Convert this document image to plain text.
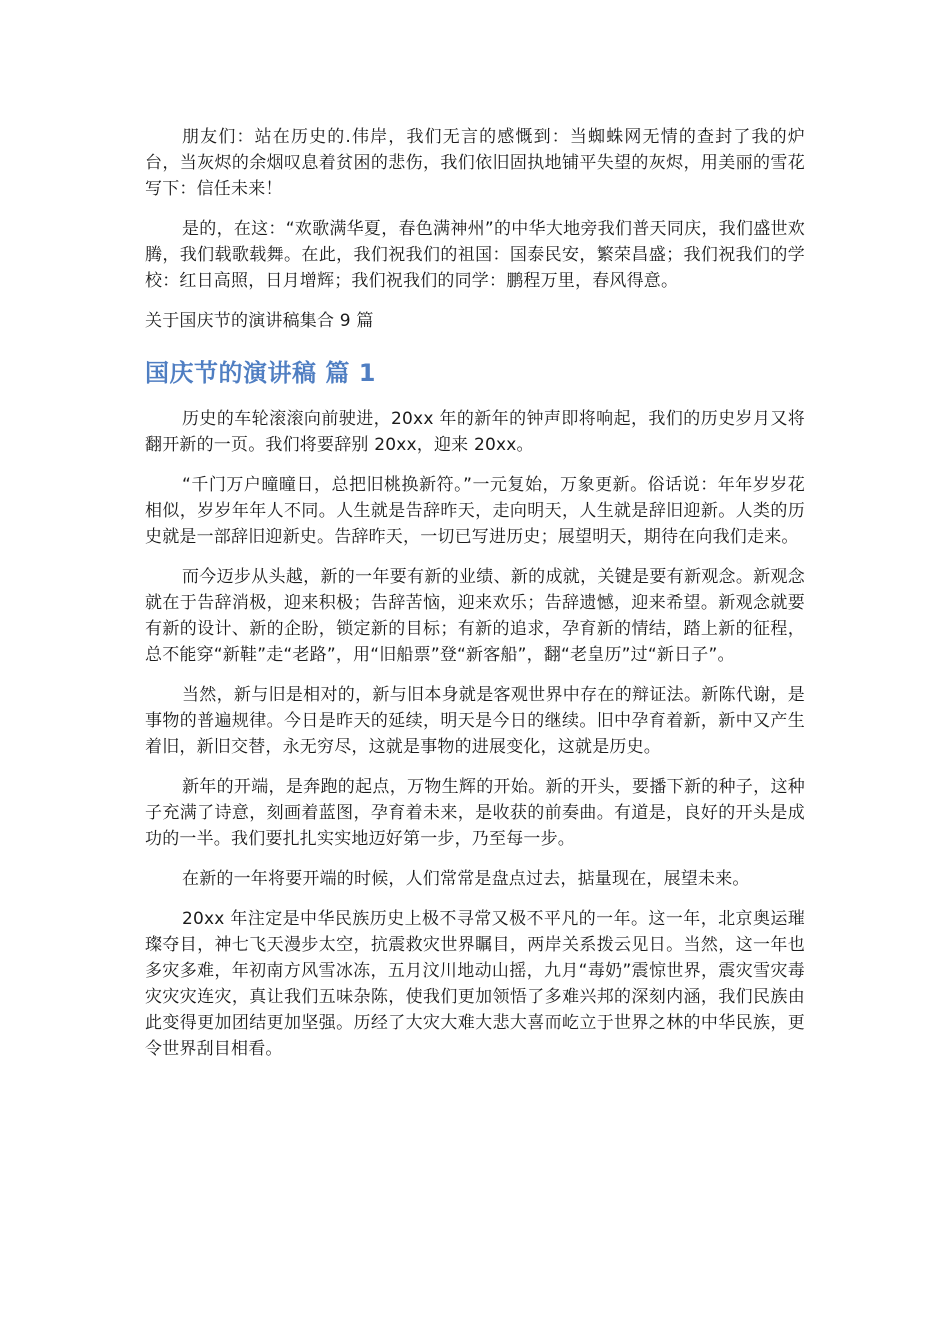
朋友们：站在历史的.伟岸，我们无言的感慨到：当蜘蛛网无情的查封了我的炉台，当灰烬的余烟叹息着贫困的悲伤，我们依旧固执地铺平失望的灰烬，用美丽的雪花写下：信任未来！

是的，在这：“欢歌满华夏，春色满神州”的中华大地旁我们普天同庆，我们盛世欢腾，我们载歌载舞。在此，我们祝我们的祖国：国泰民安，繁荣昌盛；我们祝我们的学校：红日高照，日月增辉；我们祝我们的同学：鹏程万里，春风得意。

关于国庆节的演讲稿集合 9 篇

国庆节的演讲稿 篇 1

历史的车轮滚滚向前驶进，20xx 年的新年的钟声即将响起，我们的历史岁月又将翻开新的一页。我们将要辞别 20xx，迎来 20xx。

“千门万户曈曈日，总把旧桃换新符。”一元复始，万象更新。俗话说：年年岁岁花相似，岁岁年年人不同。人生就是告辞昨天，走向明天，人生就是辞旧迎新。人类的历史就是一部辞旧迎新史。告辞昨天，一切已写进历史；展望明天，期待在向我们走来。

而今迈步从头越，新的一年要有新的业绩、新的成就，关键是要有新观念。新观念就在于告辞消极，迎来积极；告辞苦恼，迎来欢乐；告辞遗憾，迎来希望。新观念就要有新的设计、新的企盼，锁定新的目标；有新的追求，孕育新的情结，踏上新的征程，总不能穿“新鞋”走“老路”，用“旧船票”登“新客船”，翻“老皇历”过“新日子”。

当然，新与旧是相对的，新与旧本身就是客观世界中存在的辩证法。新陈代谢，是事物的普遍规律。今日是昨天的延续，明天是今日的继续。旧中孕育着新，新中又产生着旧，新旧交替，永无穷尽，这就是事物的进展变化，这就是历史。

新年的开端，是奔跑的起点，万物生辉的开始。新的开头，要播下新的种子，这种子充满了诗意，刻画着蓝图，孕育着未来，是收获的前奏曲。有道是，良好的开头是成功的一半。我们要扎扎实实地迈好第一步，乃至每一步。

在新的一年将要开端的时候，人们常常是盘点过去，掂量现在，展望未来。

20xx 年注定是中华民族历史上极不寻常又极不平凡的一年。这一年，北京奥运璀璨夺目，神七飞天漫步太空，抗震救灾世界瞩目，两岸关系拨云见日。当然，这一年也多灾多难，年初南方风雪冰冻，五月汶川地动山摇，九月“毒奶”震惊世界，震灾雪灾毒灾灾灾连灾，真让我们五味杂陈，使我们更加领悟了多难兴邦的深刻内涵，我们民族由此变得更加团结更加坚强。历经了大灾大难大悲大喜而屹立于世界之林的中华民族，更令世界刮目相看。
